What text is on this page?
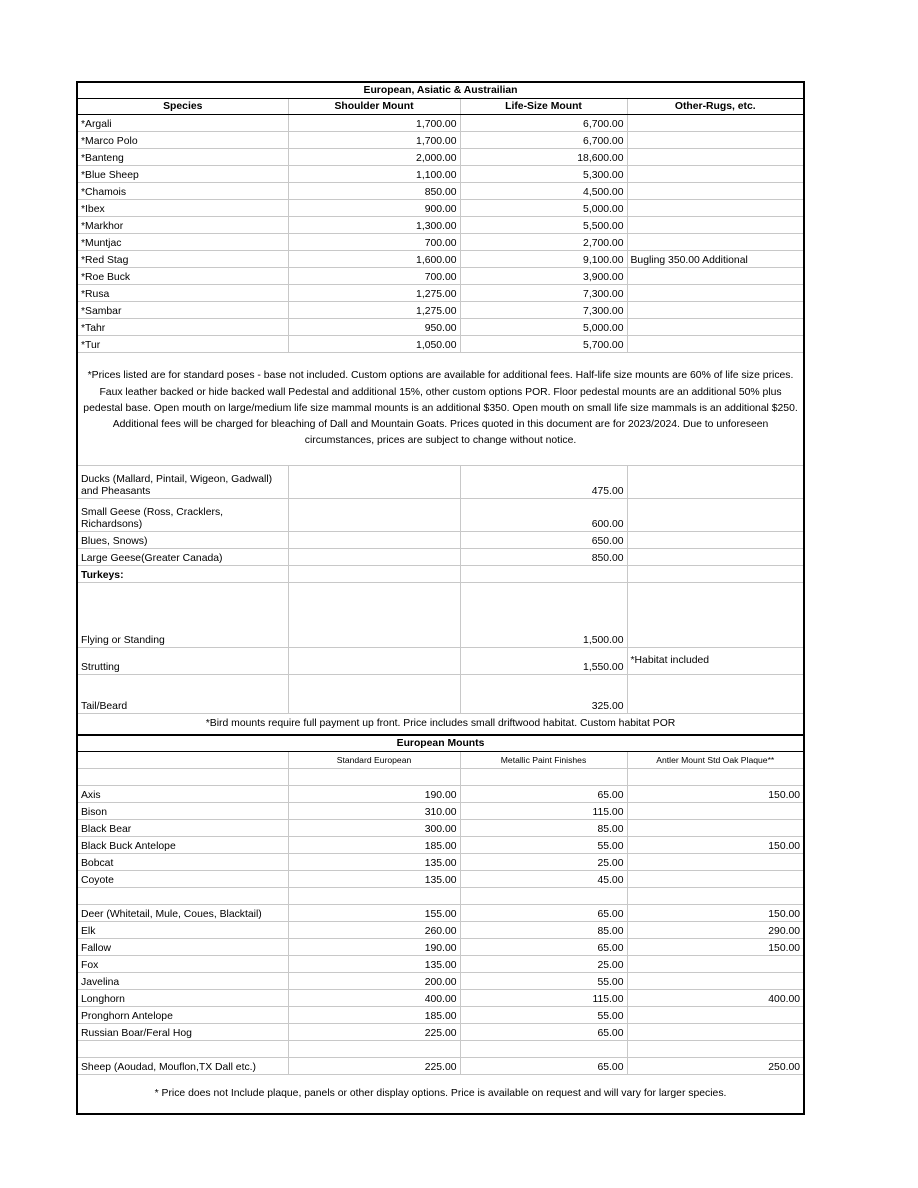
European, Asiatic & Austrailian			
Species	Shoulder Mount	Life-Size Mount	Other-Rugs, etc.
*Argali	1,700.00	6,700.00	
*Marco Polo	1,700.00	6,700.00	
*Banteng	2,000.00	18,600.00	
*Blue Sheep	1,100.00	5,300.00	
*Chamois	850.00	4,500.00	
*Ibex	900.00	5,000.00	
*Markhor	1,300.00	5,500.00	
*Muntjac	700.00	2,700.00	
*Red Stag	1,600.00	9,100.00	Bugling 350.00 Additional
*Roe Buck	700.00	3,900.00	
*Rusa	1,275.00	7,300.00	
*Sambar	1,275.00	7,300.00	
*Tahr	950.00	5,000.00	
*Tur	1,050.00	5,700.00	
*Prices listed are for standard poses - base not included. Custom options are available for additional fees. Half-life size mounts are 60% of life size prices. Faux leather backed or hide backed wall Pedestal and additional 15%, other custom options POR. Floor pedestal mounts are an additional 50% plus pedestal base. Open mouth on large/medium life size mammal mounts is an additional $350. Open mouth on small life size mammals is an additional $250. Additional fees will be charged for bleaching of Dall and Mountain Goats. Prices quoted in this document are for 2023/2024. Due to unforeseen circumstances, prices are subject to change without notice.			
Ducks (Mallard, Pintail, Wigeon, Gadwall) and Pheasants		475.00	
Small Geese (Ross, Cracklers, Richardsons)		600.00	
Blues, Snows)		650.00	
Large Geese(Greater Canada)		850.00	
Turkeys:			
Flying or Standing		1,500.00	
Strutting		1,550.00	*Habitat included
Tail/Beard		325.00	
*Bird mounts require full payment up front. Price includes small driftwood habitat. Custom habitat POR			
European Mounts			
	Standard European	Metallic Paint Finishes	Antler Mount Std Oak Plaque**

Axis	190.00	65.00	150.00
Bison	310.00	115.00	
Black Bear	300.00	85.00	
Black Buck Antelope	185.00	55.00	150.00
Bobcat	135.00	25.00	
Coyote	135.00	45.00	

Deer (Whitetail, Mule, Coues, Blacktail)	155.00	65.00	150.00
Elk	260.00	85.00	290.00
Fallow	190.00	65.00	150.00
Fox	135.00	25.00	
Javelina	200.00	55.00	
Longhorn	400.00	115.00	400.00
Pronghorn Antelope	185.00	55.00	
Russian Boar/Feral Hog	225.00	65.00	

Sheep (Aoudad, Mouflon,TX Dall etc.)	225.00	65.00	250.00
* Price does not Include plaque, panels or other display options. Price is available on request and will vary for larger species.			
